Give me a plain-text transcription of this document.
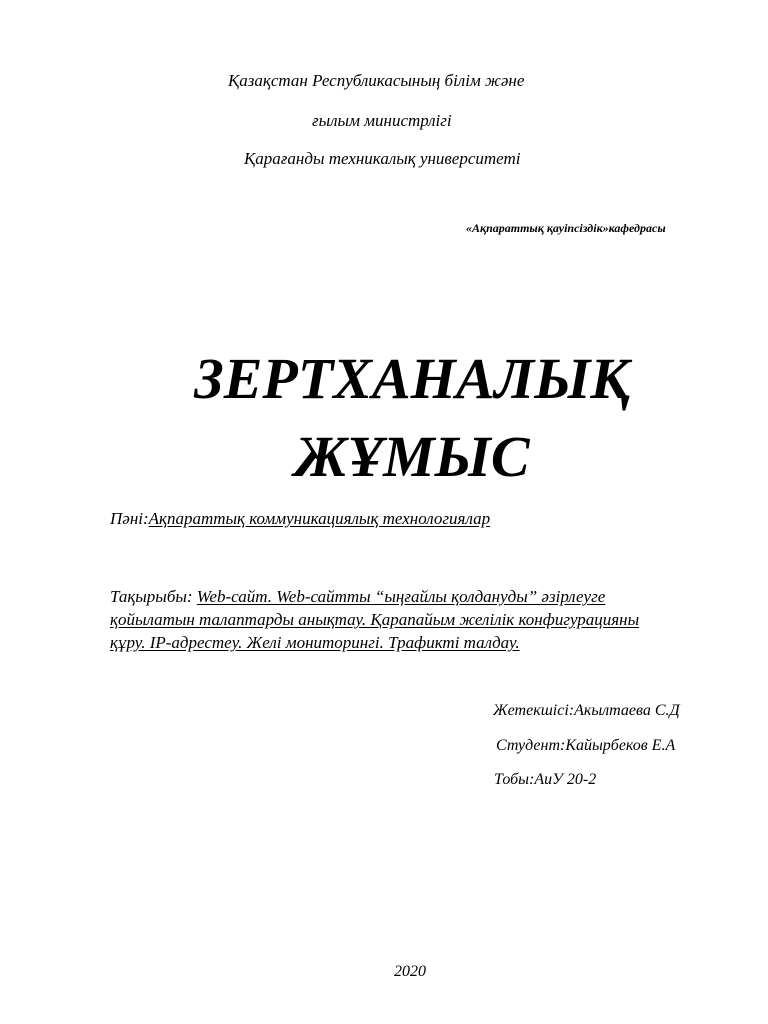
Қазақстан Республикасының білім және
ғылым министрлігі
Қарағанды техникалық университеті
«Ақпараттық қауіпсіздік»кафедрасы
ЗЕРТХАНАЛЫҚ
ЖҰМЫС
Пәні:Ақпараттық коммуникациялық технологиялар
Тақырыбы: Web-сайт. Web-сайтты “ыңғайлы қолдануды” әзірлеуге
қойылатын талаптарды анықтау. Қарапайым желілік конфигурацияны
құру. IP-адрестеу. Желі мониторингі. Трафикті талдау.
Жетекшісі:Акылтаева С.Д
Студент:Кайырбеков Е.А
Тобы:АиУ 20-2
2020
